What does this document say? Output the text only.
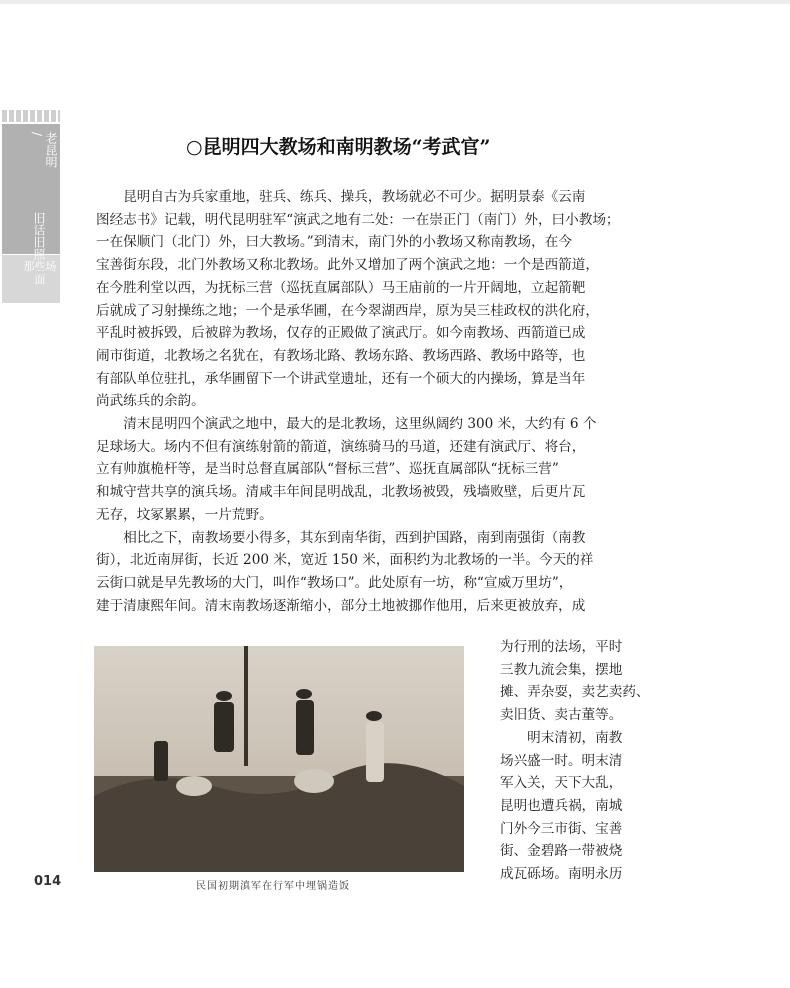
老昆明
/
旧话旧照
那些场面
○昆明四大教场和南明教场“考武官”

昆明自古为兵家重地，驻兵、练兵、操兵，教场就必不可少。据明景泰《云南
图经志书》记载，明代昆明驻军“演武之地有二处：一在崇正门（南门）外，曰小教场；
一在保顺门（北门）外，曰大教场。”到清末，南门外的小教场又称南教场，在今
宝善街东段，北门外教场又称北教场。此外又增加了两个演武之地：一个是西箭道，
在今胜利堂以西，为抚标三营（巡抚直属部队）马王庙前的一片开阔地，立起箭靶
后就成了习射操练之地；一个是承华圃，在今翠湖西岸，原为吴三桂政权的洪化府，
平乱时被拆毁，后被辟为教场，仅存的正殿做了演武厅。如今南教场、西箭道已成
闹市街道，北教场之名犹在，有教场北路、教场东路、教场西路、教场中路等，也
有部队单位驻扎，承华圃留下一个讲武堂遗址，还有一个硕大的内操场，算是当年
尚武练兵的余韵。

清末昆明四个演武之地中，最大的是北教场，这里纵阔约 300 米，大约有 6 个
足球场大。场内不但有演练射箭的箭道，演练骑马的马道，还建有演武厅、将台，
立有帅旗桅杆等，是当时总督直属部队“督标三营”、巡抚直属部队“抚标三营”
和城守营共享的演兵场。清咸丰年间昆明战乱，北教场被毁，残墙败壁，后更片瓦
无存，坟冢累累，一片荒野。

相比之下，南教场要小得多，其东到南华街，西到护国路，南到南强街（南教
街），北近南屏街，长近 200 米，宽近 150 米，面积约为北教场的一半。今天的祥
云街口就是早先教场的大门，叫作“教场口”。此处原有一坊，称“宣威万里坊”，
建于清康熙年间。清末南教场逐渐缩小，部分土地被挪作他用，后来更被放弃，成

为行刑的法场，平时
三教九流会集，摆地
摊、弄杂耍，卖艺卖药、
卖旧货、卖古董等。
　　明末清初，南教
场兴盛一时。明末清
军入关，天下大乱，
昆明也遭兵祸，南城
门外今三市街、宝善
街、金碧路一带被烧
成瓦砾场。南明永历
民国初期滇军在行军中埋锅造饭
014
